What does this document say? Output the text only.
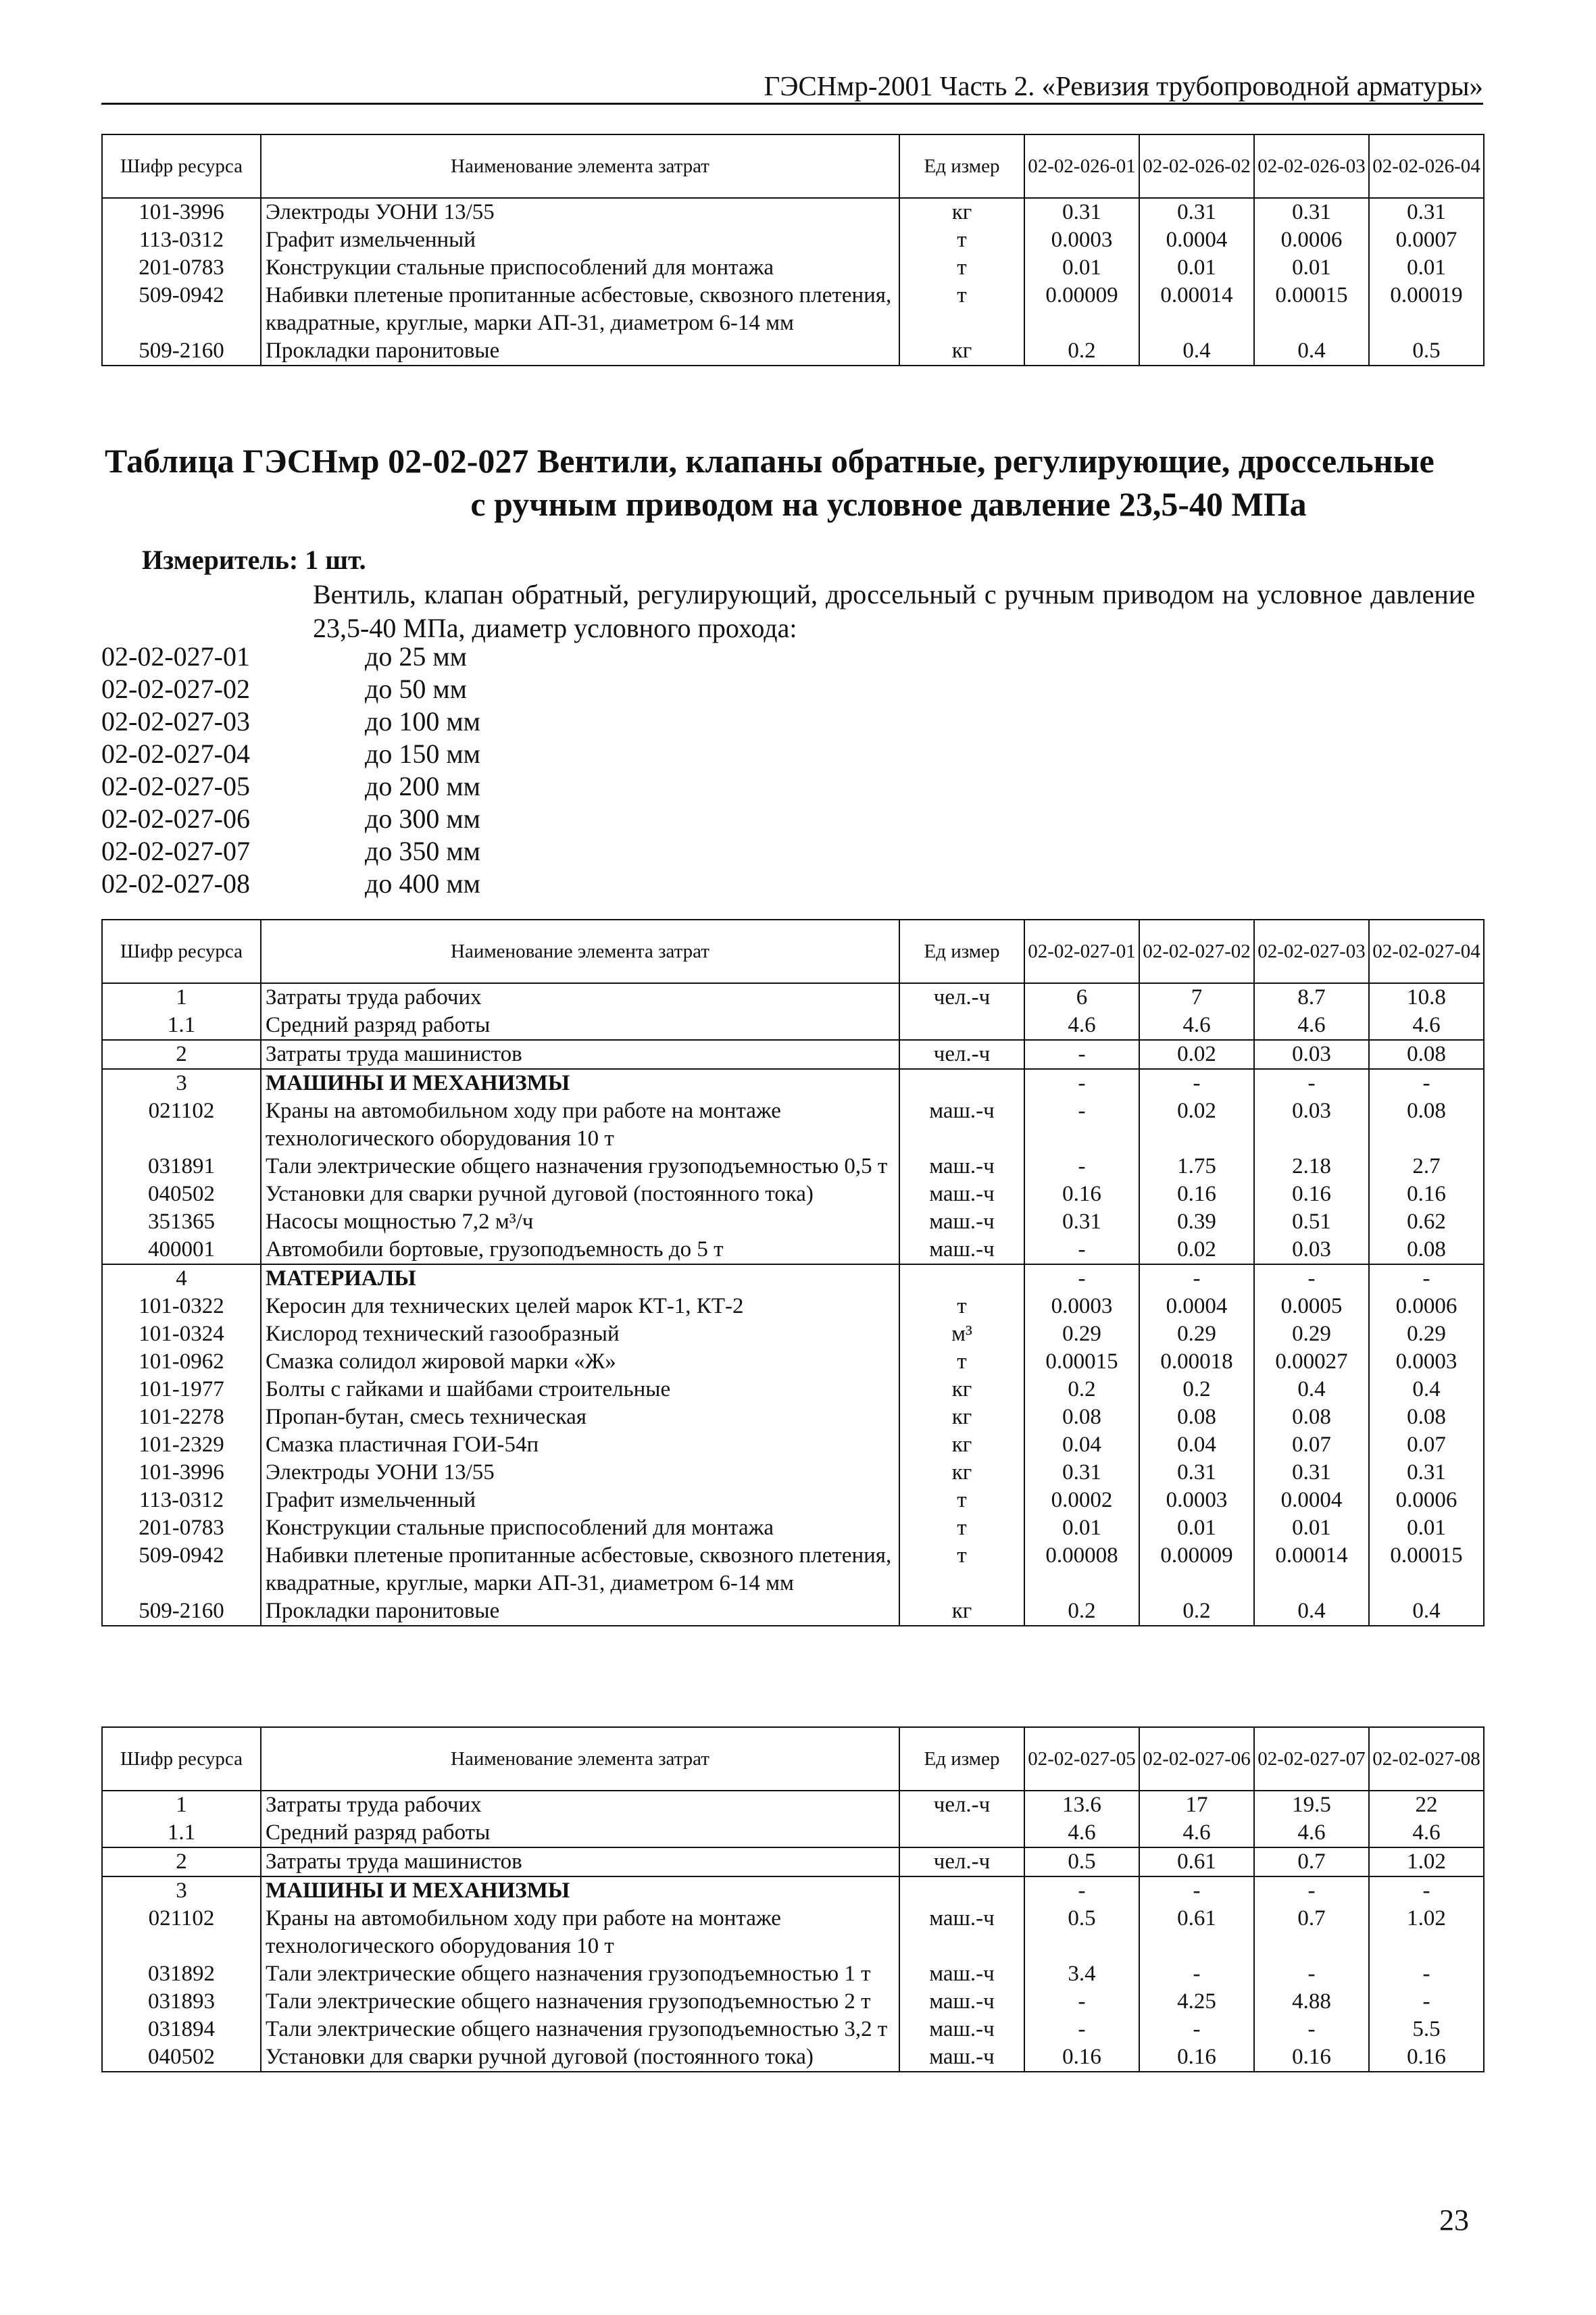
ГЭСНмр-2001 Часть 2. «Ревизия трубопроводной арматуры»
Шифр ресурса	Наименование элемента затрат	Ед измер	02-02-026-01	02-02-026-02	02-02-026-03	02-02-026-04
101-3996	Электроды УОНИ 13/55	кг	0.31	0.31	0.31	0.31
113-0312	Графит измельченный	т	0.0003	0.0004	0.0006	0.0007
201-0783	Конструкции стальные приспособлений для монтажа	т	0.01	0.01	0.01	0.01
509-0942	Набивки плетеные пропитанные асбестовые, сквозного плетения, квадратные, круглые, марки АП-31, диаметром 6-14 мм	т	0.00009	0.00014	0.00015	0.00019
509-2160	Прокладки паронитовые	кг	0.2	0.4	0.4	0.5
Таблица ГЭСНмр 02-02-027 Вентили, клапаны обратные, регулирующие, дроссельные
с ручным приводом на условное давление 23,5-40 МПа
Измеритель: 1 шт.
Вентиль, клапан обратный, регулирующий, дроссельный с ручным приводом на условное давление 23,5-40 МПа, диаметр условного прохода:
02-02-027-01	до 25 мм
02-02-027-02	до 50 мм
02-02-027-03	до 100 мм
02-02-027-04	до 150 мм
02-02-027-05	до 200 мм
02-02-027-06	до 300 мм
02-02-027-07	до 350 мм
02-02-027-08	до 400 мм
Шифр ресурса	Наименование элемента затрат	Ед измер	02-02-027-01	02-02-027-02	02-02-027-03	02-02-027-04
1	Затраты труда рабочих	чел.-ч	6	7	8.7	10.8
1.1	Средний разряд работы		4.6	4.6	4.6	4.6
2	Затраты труда машинистов	чел.-ч	-	0.02	0.03	0.08
3	МАШИНЫ И МЕХАНИЗМЫ		-	-	-	-
021102	Краны на автомобильном ходу при работе на монтаже технологического оборудования 10 т	маш.-ч	-	0.02	0.03	0.08
031891	Тали электрические общего назначения грузоподъемностью 0,5 т	маш.-ч	-	1.75	2.18	2.7
040502	Установки для сварки ручной дуговой (постоянного тока)	маш.-ч	0.16	0.16	0.16	0.16
351365	Насосы мощностью 7,2 м³/ч	маш.-ч	0.31	0.39	0.51	0.62
400001	Автомобили бортовые, грузоподъемность до 5 т	маш.-ч	-	0.02	0.03	0.08
4	МАТЕРИАЛЫ		-	-	-	-
101-0322	Керосин для технических целей марок КТ-1, КТ-2	т	0.0003	0.0004	0.0005	0.0006
101-0324	Кислород технический газообразный	м³	0.29	0.29	0.29	0.29
101-0962	Смазка солидол жировой марки «Ж»	т	0.00015	0.00018	0.00027	0.0003
101-1977	Болты с гайками и шайбами строительные	кг	0.2	0.2	0.4	0.4
101-2278	Пропан-бутан, смесь техническая	кг	0.08	0.08	0.08	0.08
101-2329	Смазка пластичная ГОИ-54п	кг	0.04	0.04	0.07	0.07
101-3996	Электроды УОНИ 13/55	кг	0.31	0.31	0.31	0.31
113-0312	Графит измельченный	т	0.0002	0.0003	0.0004	0.0006
201-0783	Конструкции стальные приспособлений для монтажа	т	0.01	0.01	0.01	0.01
509-0942	Набивки плетеные пропитанные асбестовые, сквозного плетения, квадратные, круглые, марки АП-31, диаметром 6-14 мм	т	0.00008	0.00009	0.00014	0.00015
509-2160	Прокладки паронитовые	кг	0.2	0.2	0.4	0.4
Шифр ресурса	Наименование элемента затрат	Ед измер	02-02-027-05	02-02-027-06	02-02-027-07	02-02-027-08
1	Затраты труда рабочих	чел.-ч	13.6	17	19.5	22
1.1	Средний разряд работы		4.6	4.6	4.6	4.6
2	Затраты труда машинистов	чел.-ч	0.5	0.61	0.7	1.02
3	МАШИНЫ И МЕХАНИЗМЫ		-	-	-	-
021102	Краны на автомобильном ходу при работе на монтаже технологического оборудования 10 т	маш.-ч	0.5	0.61	0.7	1.02
031892	Тали электрические общего назначения грузоподъемностью 1 т	маш.-ч	3.4	-	-	-
031893	Тали электрические общего назначения грузоподъемностью 2 т	маш.-ч	-	4.25	4.88	-
031894	Тали электрические общего назначения грузоподъемностью 3,2 т	маш.-ч	-	-	-	5.5
040502	Установки для сварки ручной дуговой (постоянного тока)	маш.-ч	0.16	0.16	0.16	0.16
23
